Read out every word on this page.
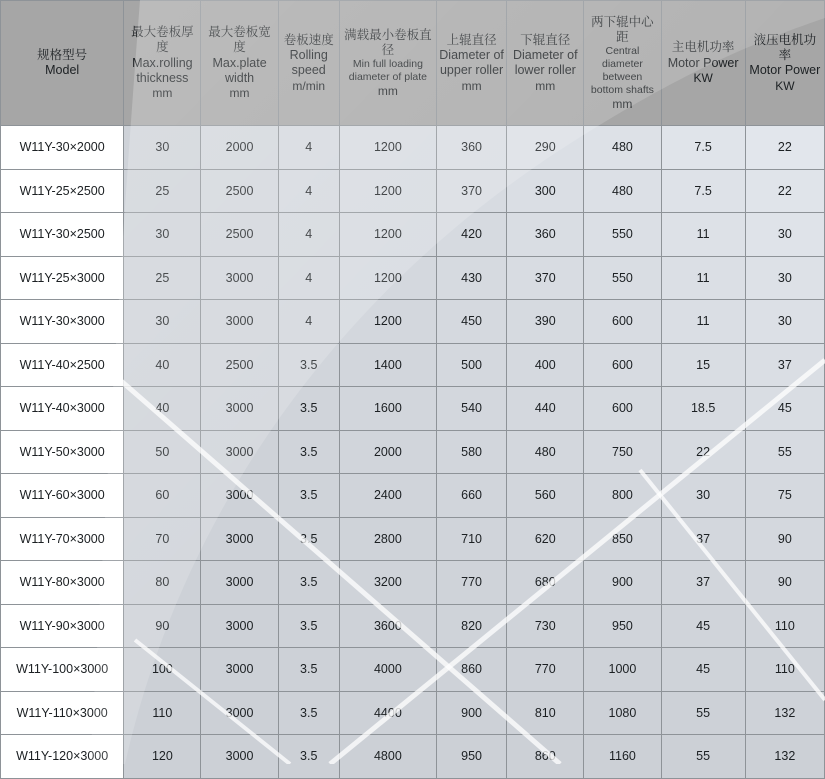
规格型号
Model	最大卷板厚度
Max.rolling thickness
mm	最大卷板宽度
Max.plate width
mm	卷板速度
Rolling speed
m/min	满载最小卷板直径
Min full loading diameter of plate
mm	上辊直径
Diameter of upper roller
mm	下辊直径
Diameter of lower roller
mm	两下辊中心距
Central diameter between bottom shafts
mm	主电机功率
Motor Power
KW	液压电机功率
Motor Power
KW

W11Y-30×2000	30	2000	4	1200	360	290	480	7.5	22
W11Y-25×2500	25	2500	4	1200	370	300	480	7.5	22
W11Y-30×2500	30	2500	4	1200	420	360	550	11	30
W11Y-25×3000	25	3000	4	1200	430	370	550	11	30
W11Y-30×3000	30	3000	4	1200	450	390	600	11	30
W11Y-40×2500	40	2500	3.5	1400	500	400	600	15	37
W11Y-40×3000	40	3000	3.5	1600	540	440	600	18.5	45
W11Y-50×3000	50	3000	3.5	2000	580	480	750	22	55
W11Y-60×3000	60	3000	3.5	2400	660	560	800	30	75
W11Y-70×3000	70	3000	3.5	2800	710	620	850	37	90
W11Y-80×3000	80	3000	3.5	3200	770	680	900	37	90
W11Y-90×3000	90	3000	3.5	3600	820	730	950	45	110
W11Y-100×3000	100	3000	3.5	4000	860	770	1000	45	110
W11Y-110×3000	110	3000	3.5	4400	900	810	1080	55	132
W11Y-120×3000	120	3000	3.5	4800	950	860	1160	55	132
